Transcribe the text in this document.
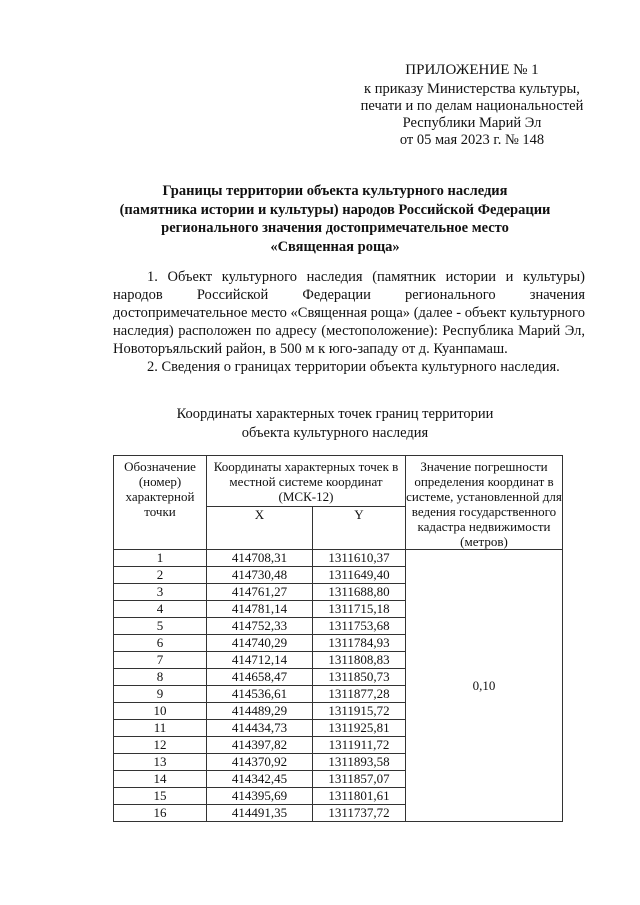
ПРИЛОЖЕНИЕ № 1
к приказу Министерства культуры,
печати и по делам национальностей
Республики Марий Эл
от 05 мая 2023 г. № 148
Границы территории объекта культурного наследия
(памятника истории и культуры) народов Российской Федерации
регионального значения достопримечательное место
«Священная роща»

1. Объект культурного наследия (памятник истории и культуры) народов Российской Федерации регионального значения достопримечательное место «Священная роща» (далее - объект культурного наследия) расположен по адресу (местоположение): Республика Марий Эл, Новоторъяльский район, в 500 м к юго-западу от д. Куанпамаш.

2. Сведения о границах территории объекта культурного наследия.

Координаты характерных точек границ территории
объекта культурного наследия
Обозначение (номер) характерной точки	Координаты характерных точек в местной системе координат (МСК-12)		Значение погрешности определения координат в системе, установленной для ведения государственного кадастра недвижимости (метров)
	X	Y	
1	414708,31	1311610,37	0,10
2	414730,48	1311649,40	
3	414761,27	1311688,80	
4	414781,14	1311715,18	
5	414752,33	1311753,68	
6	414740,29	1311784,93	
7	414712,14	1311808,83	
8	414658,47	1311850,73	
9	414536,61	1311877,28	
10	414489,29	1311915,72	
11	414434,73	1311925,81	
12	414397,82	1311911,72	
13	414370,92	1311893,58	
14	414342,45	1311857,07	
15	414395,69	1311801,61	
16	414491,35	1311737,72	
